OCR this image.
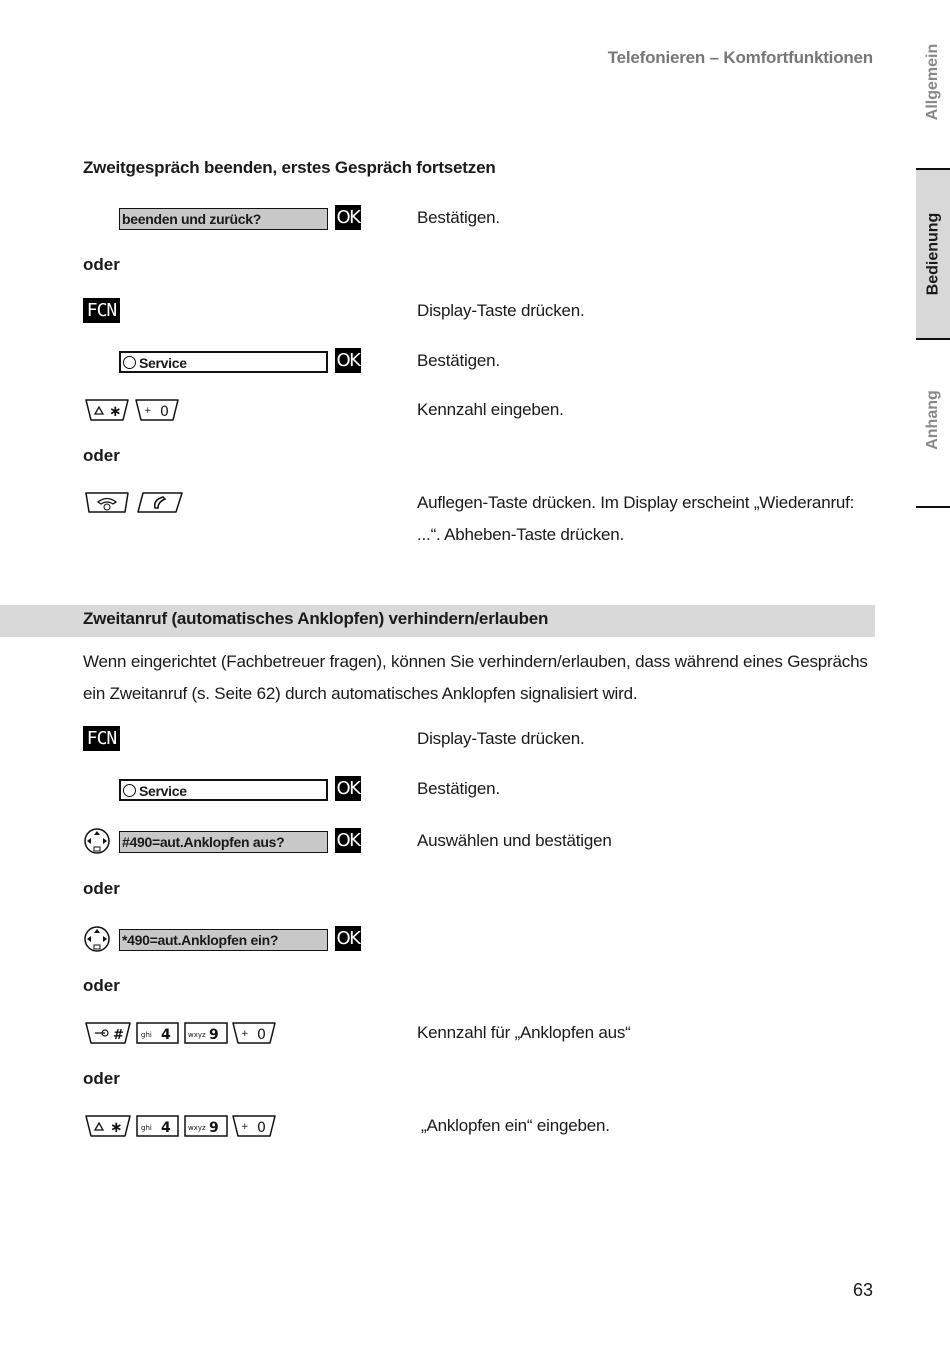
Telefonieren – Komfortfunktionen	Allgemein
Bedienung
Anhang
Zweitgespräch beenden, erstes Gespräch fortsetzen
beenden und zurück?	OK	Bestätigen.
oder
FCN	Display-Taste drücken.
Service	OK	Bestätigen.
∗ + 0	Kennzahl eingeben.
oder
Auflegen-Taste drücken. Im Display erscheint „Wiederanruf:
...“. Abheben-Taste drücken.
Zweitanruf (automatisches Anklopfen) verhindern/erlauben
Wenn eingerichtet (Fachbetreuer fragen), können Sie verhindern/erlauben, dass während eines Gesprächs
ein Zweitanruf (s. Seite 62) durch automatisches Anklopfen signalisiert wird.
FCN	Display-Taste drücken.
Service	OK	Bestätigen.
#490=aut.Anklopfen aus?	OK	Auswählen und bestätigen
oder
*490=aut.Anklopfen ein?	OK
oder
# ghi 4 wxyz 9 + 0	Kennzahl für „Anklopfen aus“
oder
∗	ghi 4 wxyz 9 + 0	„Anklopfen ein“ eingeben.
63
